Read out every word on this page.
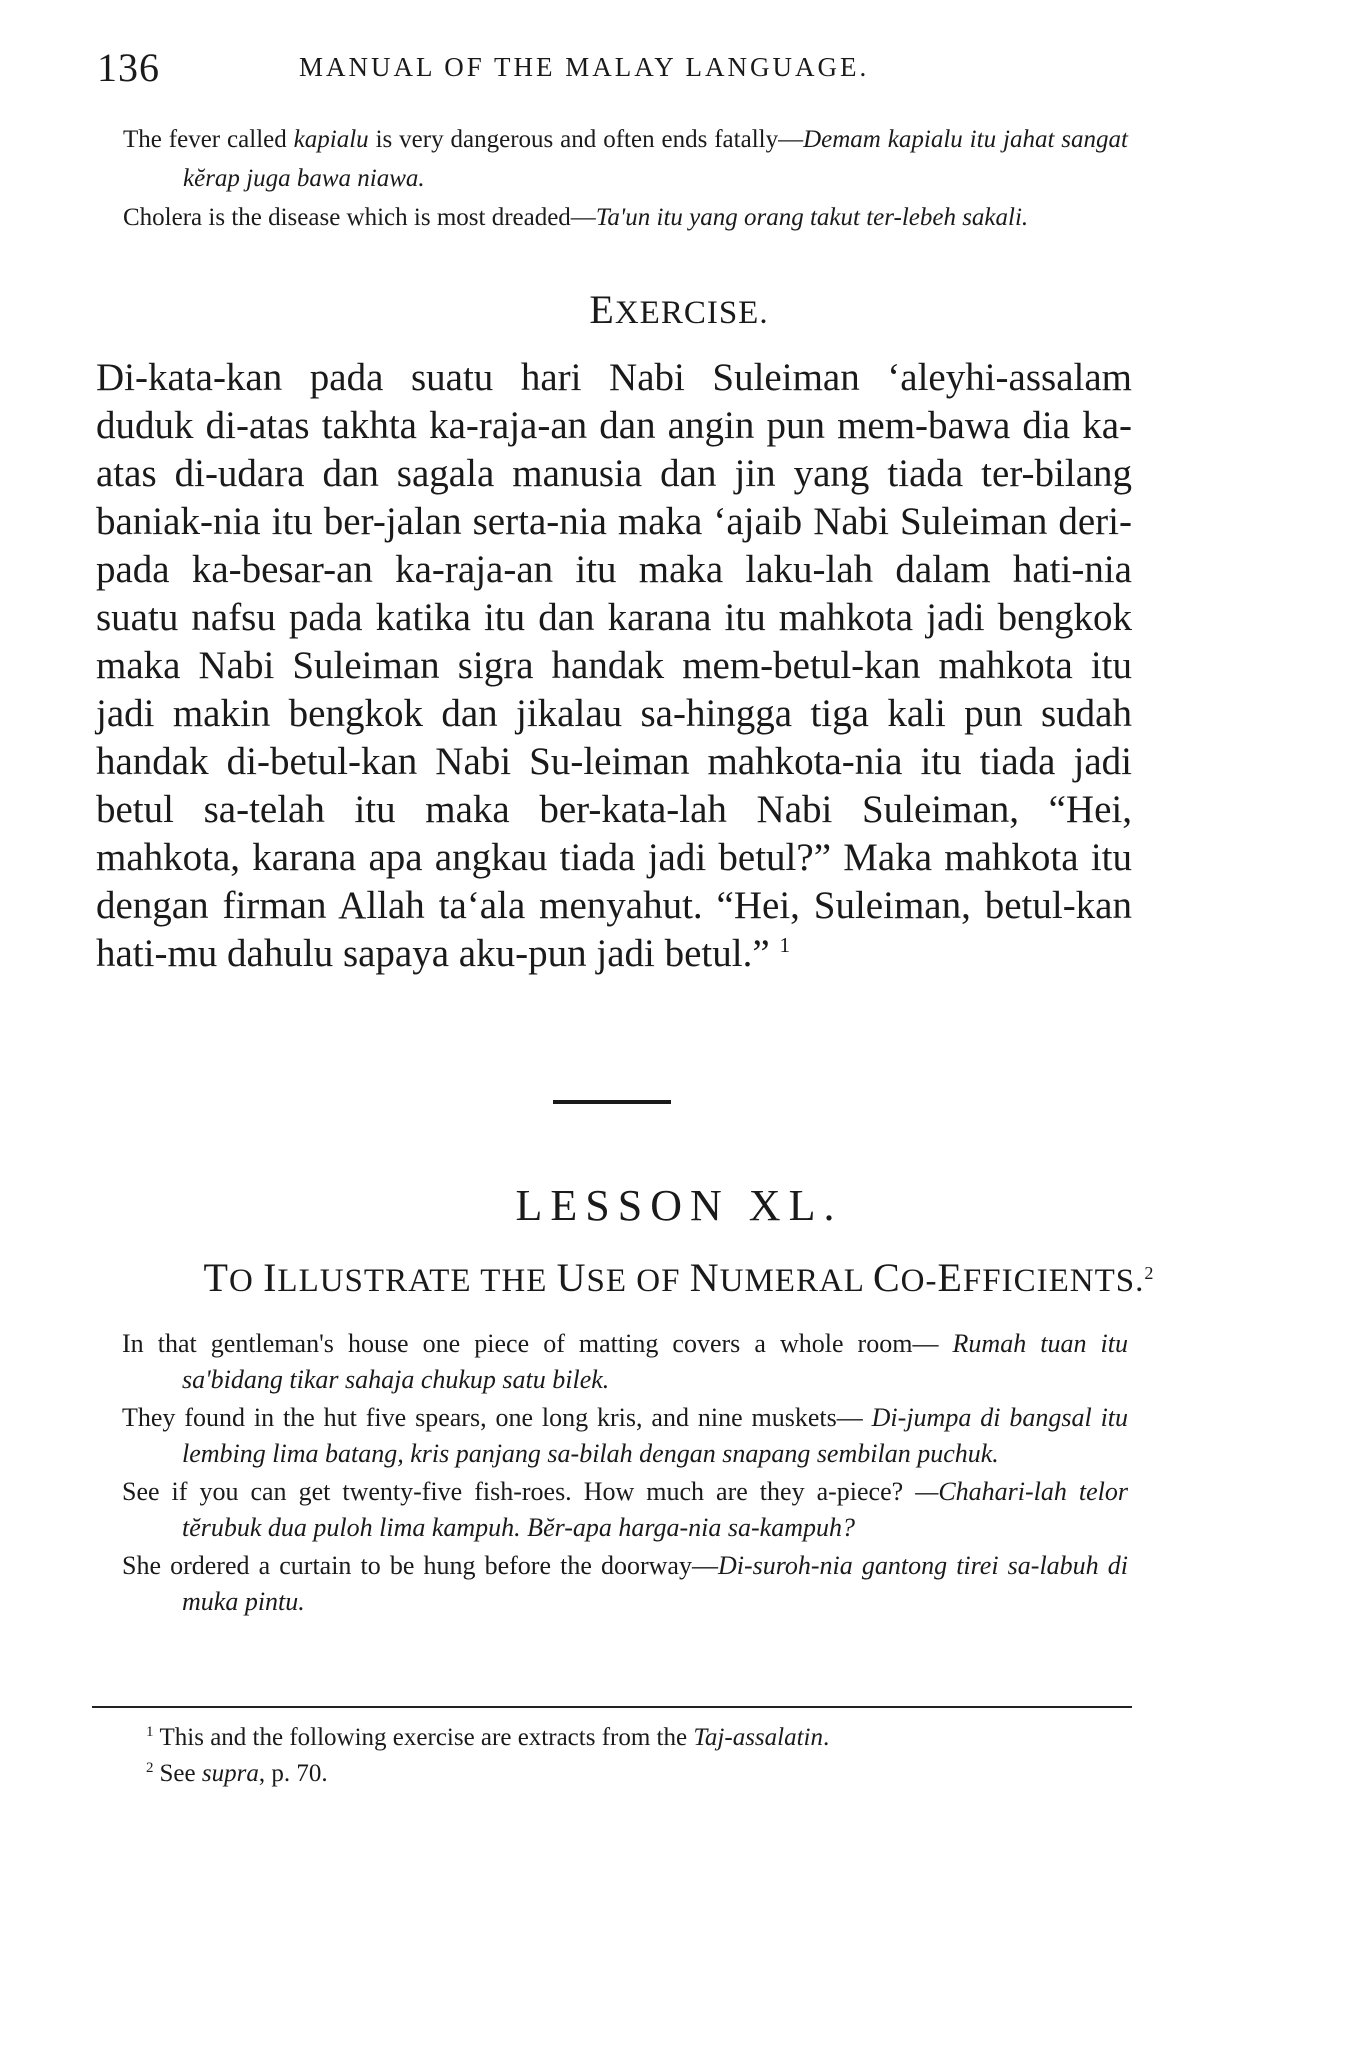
136	MANUAL OF THE MALAY LANGUAGE.

The fever called kapialu is very dangerous and often ends fatally—Demam kapialu itu jahat sangat kĕrap juga bawa niawa.

Cholera is the disease which is most dreaded—Ta'un itu yang orang takut ter-lebeh sakali.

EXERCISE.

Di-kata-kan pada suatu hari Nabi Suleiman ‘aleyhi-assalam duduk di-atas takhta ka-raja-an dan angin pun mem-bawa dia ka-atas di-udara dan sagala manusia dan jin yang tiada ter-bilang baniak-nia itu ber-jalan serta-nia maka ‘ajaib Nabi Suleiman deri-pada ka-besar-an ka-raja-an itu maka laku-lah dalam hati-nia suatu nafsu pada katika itu dan karana itu mahkota jadi bengkok maka Nabi Suleiman sigra handak mem-betul-kan mahkota itu jadi makin bengkok dan jikalau sa-hingga tiga kali pun sudah handak di-betul-kan Nabi Su-leiman mahkota-nia itu tiada jadi betul sa-telah itu maka ber-kata-lah Nabi Suleiman, “Hei, mahkota, karana apa angkau tiada jadi betul?” Maka mahkota itu dengan firman Allah ta‘ala menyahut. “Hei, Suleiman, betul-kan hati-mu dahulu sapaya aku-pun jadi betul.” $^1$

LESSON XL.
TO ILLUSTRATE THE USE OF NUMERAL CO-EFFICIENTS.$^2$

In that gentleman's house one piece of matting covers a whole room— Rumah tuan itu sa'bidang tikar sahaja chukup satu bilek.

They found in the hut five spears, one long kris, and nine muskets— Di-jumpa di bangsal itu lembing lima batang, kris panjang sa-bilah dengan snapang sembilan puchuk.

See if you can get twenty-five fish-roes. How much are they a-piece? —Chahari-lah telor tĕrubuk dua puloh lima kampuh. Bĕr-apa harga-nia sa-kampuh?

She ordered a curtain to be hung before the doorway—Di-suroh-nia gantong tirei sa-labuh di muka pintu.

$^1$ This and the following exercise are extracts from the Taj-assalatin.

$^2$ See supra, p. 70.
